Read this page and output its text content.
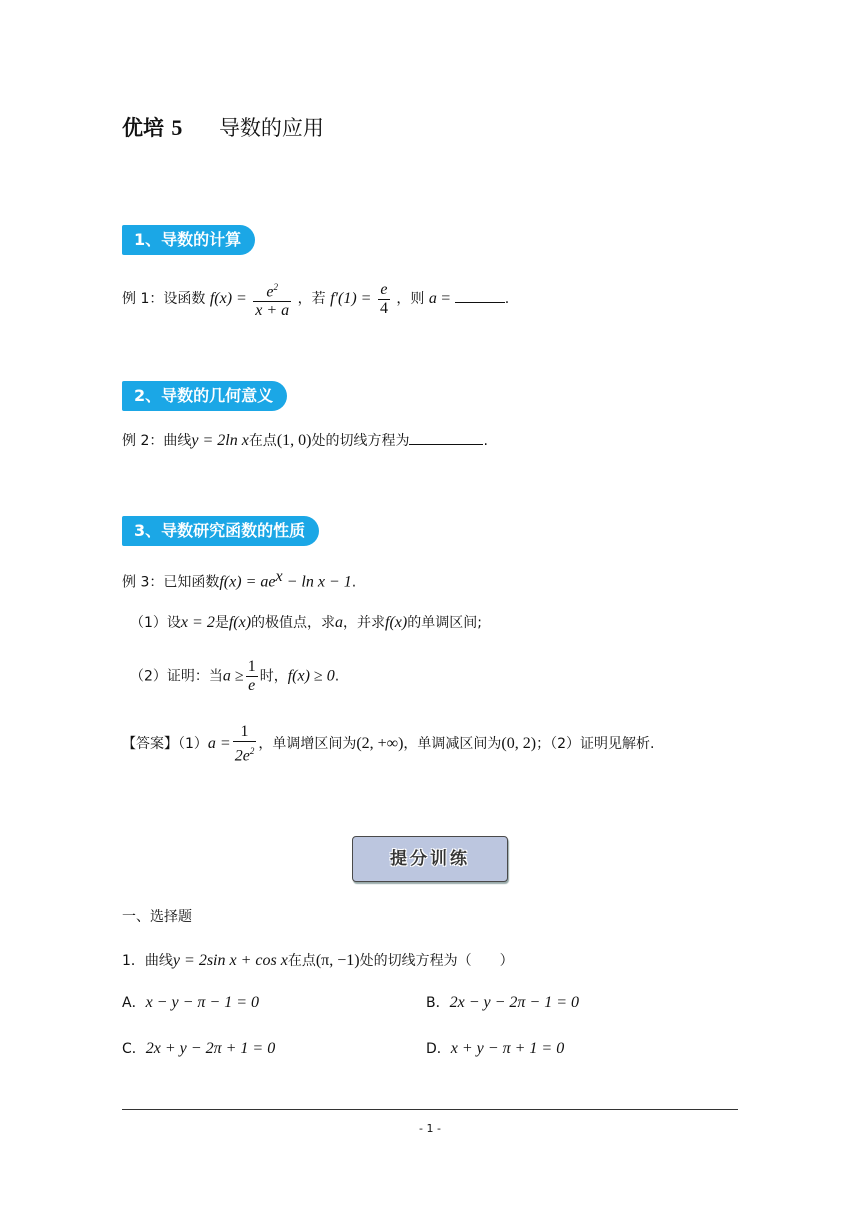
优培 5 导数的应用
1、导数的计算
例 1：设函数 $f(x) = \frac{e^2}{x + a}$ ，若 $f'(1) = \frac{e}{4}$ ，则 a =	.
2、导数的几何意义
例 2：曲线y = 2ln x在点(1, 0)处的切线方程为	.
3、导数研究函数的性质
例 3：已知函数$f(x) = ae^x - \ln x - 1$.
（1）设x = 2是f(x)的极值点，求a，并求f(x)的单调区间;
（2）证明：当$a \ge \frac{1}{e}$ 时，f(x) ≥ 0.
【答案】$(1)a = \frac{1}{2e^2}$ ，单调增区间为(2, +∞)，单调减区间为(0, 2)；（2）证明见解析.
提分训练
一、选择题
1．曲线y = 2sin x + cos x在点(π, −1)处的切线方程为（　　）
A．x − y − π − 1 = 0	B．2x − y − 2π − 1 = 0
C．2x + y − 2π + 1 = 0	D．x + y − π + 1 = 0
- 1 -
